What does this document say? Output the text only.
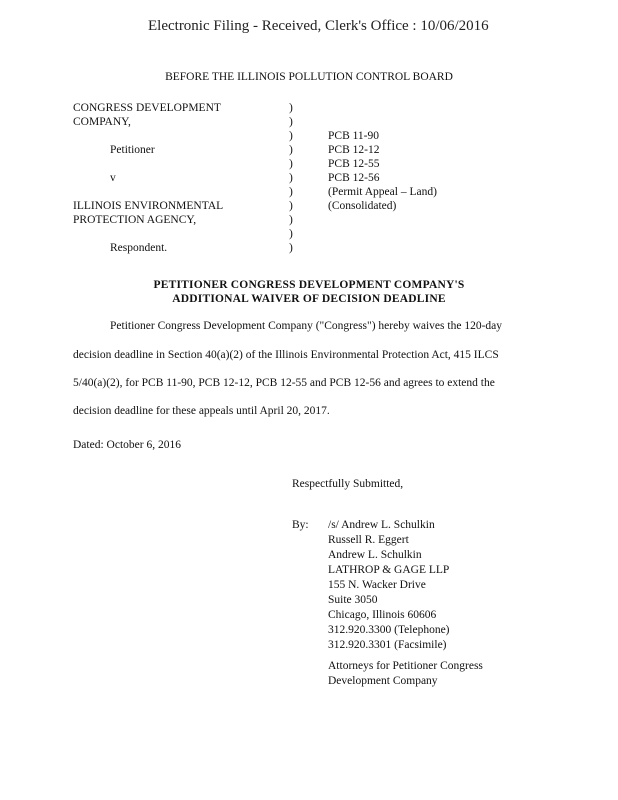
Electronic Filing - Received, Clerk's Office : 10/06/2016
BEFORE THE ILLINOIS POLLUTION CONTROL BOARD
CONGRESS DEVELOPMENT
COMPANY,
Petitioner
v
ILLINOIS ENVIRONMENTAL
PROTECTION AGENCY,
Respondent.
)
)
)
)
)
)
)
)
)
)
)
PCB 11-90
PCB 12-12
PCB 12-55
PCB 12-56
(Permit Appeal – Land)
(Consolidated)
PETITIONER CONGRESS DEVELOPMENT COMPANY'S
ADDITIONAL WAIVER OF DECISION DEADLINE
Petitioner Congress Development Company ("Congress") hereby waives the 120-day
decision deadline in Section 40(a)(2) of the Illinois Environmental Protection Act, 415 ILCS
5/40(a)(2), for PCB 11-90, PCB 12-12, PCB 12-55 and PCB 12-56 and agrees to extend the
decision deadline for these appeals until April 20, 2017.
Dated: October 6, 2016
Respectfully Submitted,
By: /s/ Andrew L. Schulkin
Russell R. Eggert
Andrew L. Schulkin
LATHROP & GAGE LLP
155 N. Wacker Drive
Suite 3050
Chicago, Illinois 60606
312.920.3300 (Telephone)
312.920.3301 (Facsimile)
Attorneys for Petitioner Congress
Development Company
